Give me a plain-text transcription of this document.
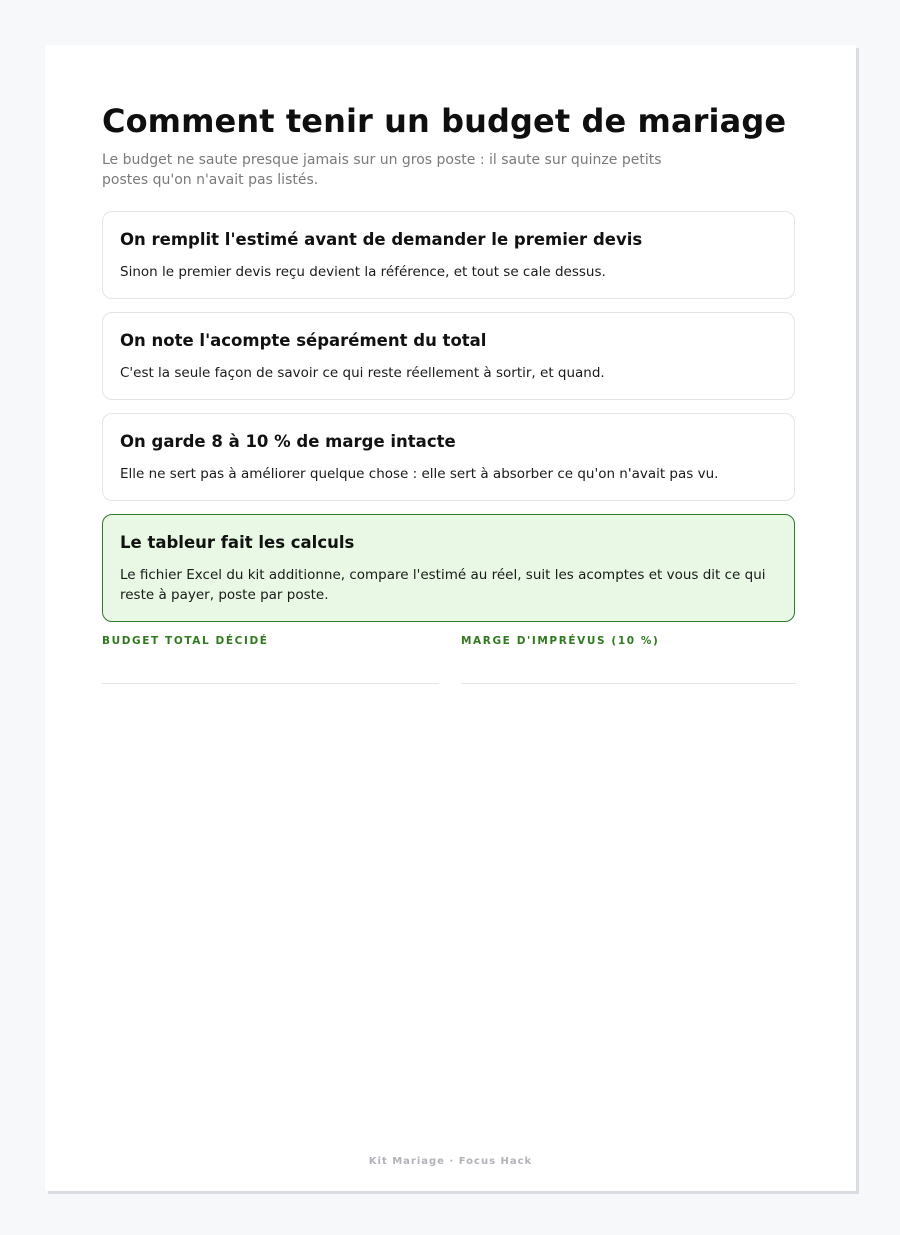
Comment tenir un budget de mariage

Le budget ne saute presque jamais sur un gros poste : il saute sur quinze petits postes qu'on n'avait pas listés.

On remplit l'estimé avant de demander le premier devis

Sinon le premier devis reçu devient la référence, et tout se cale dessus.

On note l'acompte séparément du total

C'est la seule façon de savoir ce qui reste réellement à sortir, et quand.

On garde 8 à 10 % de marge intacte

Elle ne sert pas à améliorer quelque chose : elle sert à absorber ce qu'on n'avait pas vu.

Le tableur fait les calculs

Le fichier Excel du kit additionne, compare l'estimé au réel, suit les acomptes et vous dit ce qui reste à payer, poste par poste.

BUDGET TOTAL DÉCIDÉ	MARGE D'IMPRÉVUS (10 %)
Kit Mariage · Focus Hack
